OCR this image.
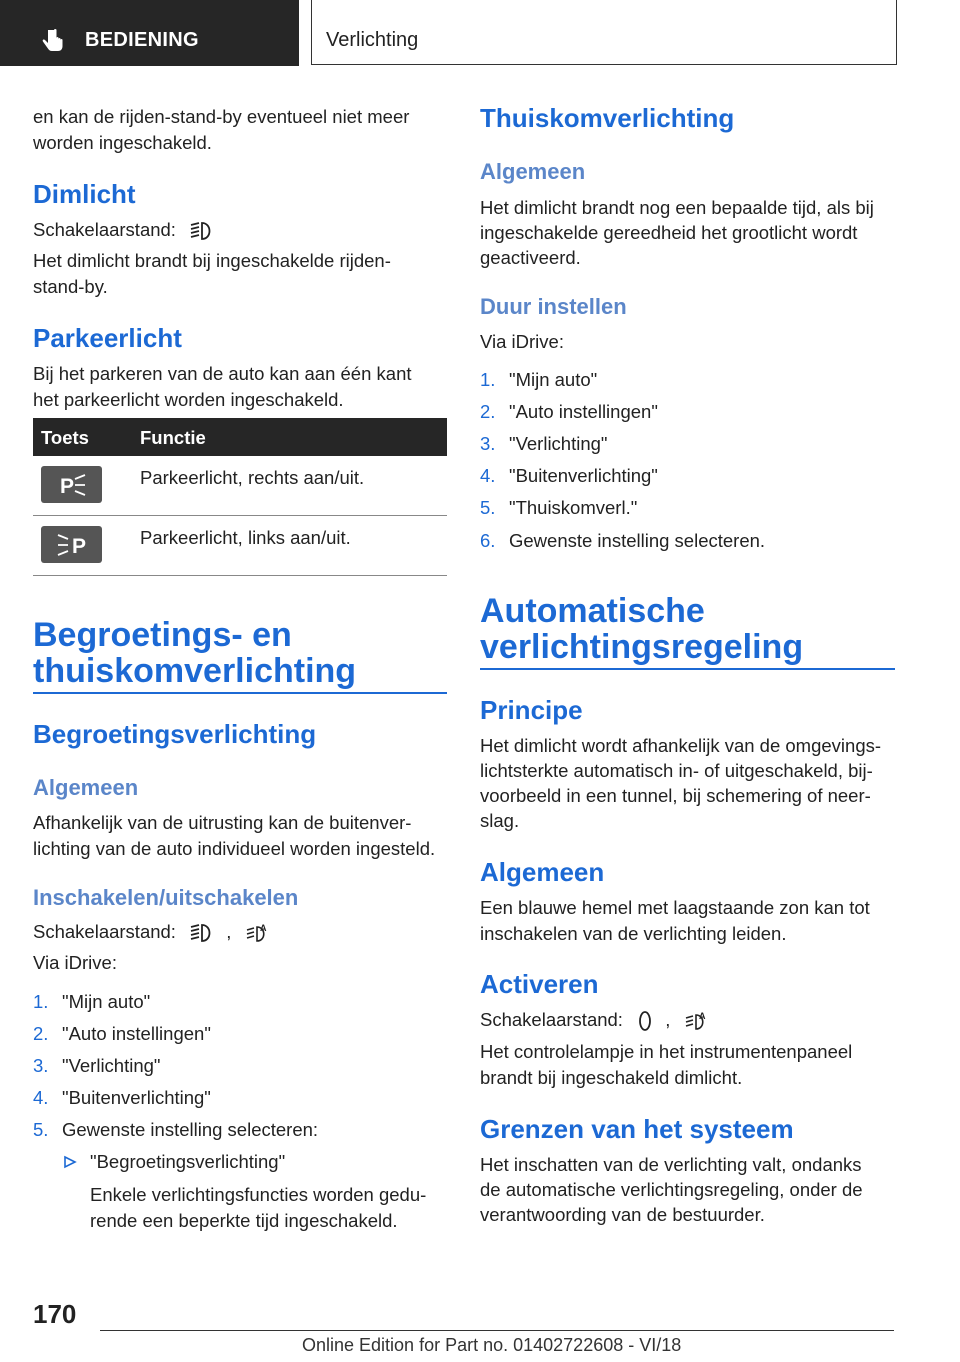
BEDIENING	Verlichting
en kan de rijden-stand-by eventueel niet meer
worden ingeschakeld.
Dimlicht
Schakelaarstand:
Het dimlicht brandt bij ingeschakelde rijden-
stand-by.
Parkeerlicht
Bij het parkeren van de auto kan aan één kant
het parkeerlicht worden ingeschakeld.
Toets	Functie
P	Parkeerlicht, rechts aan/uit.
P	Parkeerlicht, links aan/uit.
Begroetings- en
thuiskomverlichting
Begroetingsverlichting
Algemeen
Afhankelijk van de uitrusting kan de buitenver-
lichting van de auto individueel worden ingesteld.
Inschakelen/uitschakelen
Schakelaarstand:	,	A
Via iDrive:
1. "Mijn auto"
2. "Auto instellingen"
3. "Verlichting"
4. "Buitenverlichting"
5. Gewenste instelling selecteren:
"Begroetingsverlichting"
Enkele verlichtingsfuncties worden gedu-
rende een beperkte tijd ingeschakeld.
Thuiskomverlichting
Algemeen
Het dimlicht brandt nog een bepaalde tijd, als bij
ingeschakelde gereedheid het grootlicht wordt
geactiveerd.
Duur instellen
Via iDrive:
1. "Mijn auto"
2. "Auto instellingen"
3. "Verlichting"
4. "Buitenverlichting"
5. "Thuiskomverl."
6. Gewenste instelling selecteren.
Automatische
verlichtingsregeling
Principe
Het dimlicht wordt afhankelijk van de omgevings-
lichtsterkte automatisch in- of uitgeschakeld, bij-
voorbeeld in een tunnel, bij schemering of neer-
slag.
Algemeen
Een blauwe hemel met laagstaande zon kan tot
inschakelen van de verlichting leiden.
Activeren
Schakelaarstand: ,	A
Het controlelampje in het instrumentenpaneel
brandt bij ingeschakeld dimlicht.
Grenzen van het systeem
Het inschatten van de verlichting valt, ondanks
de automatische verlichtingsregeling, onder de
verantwoording van de bestuurder.
170
Online Edition for Part no. 01402722608 - VI/18
